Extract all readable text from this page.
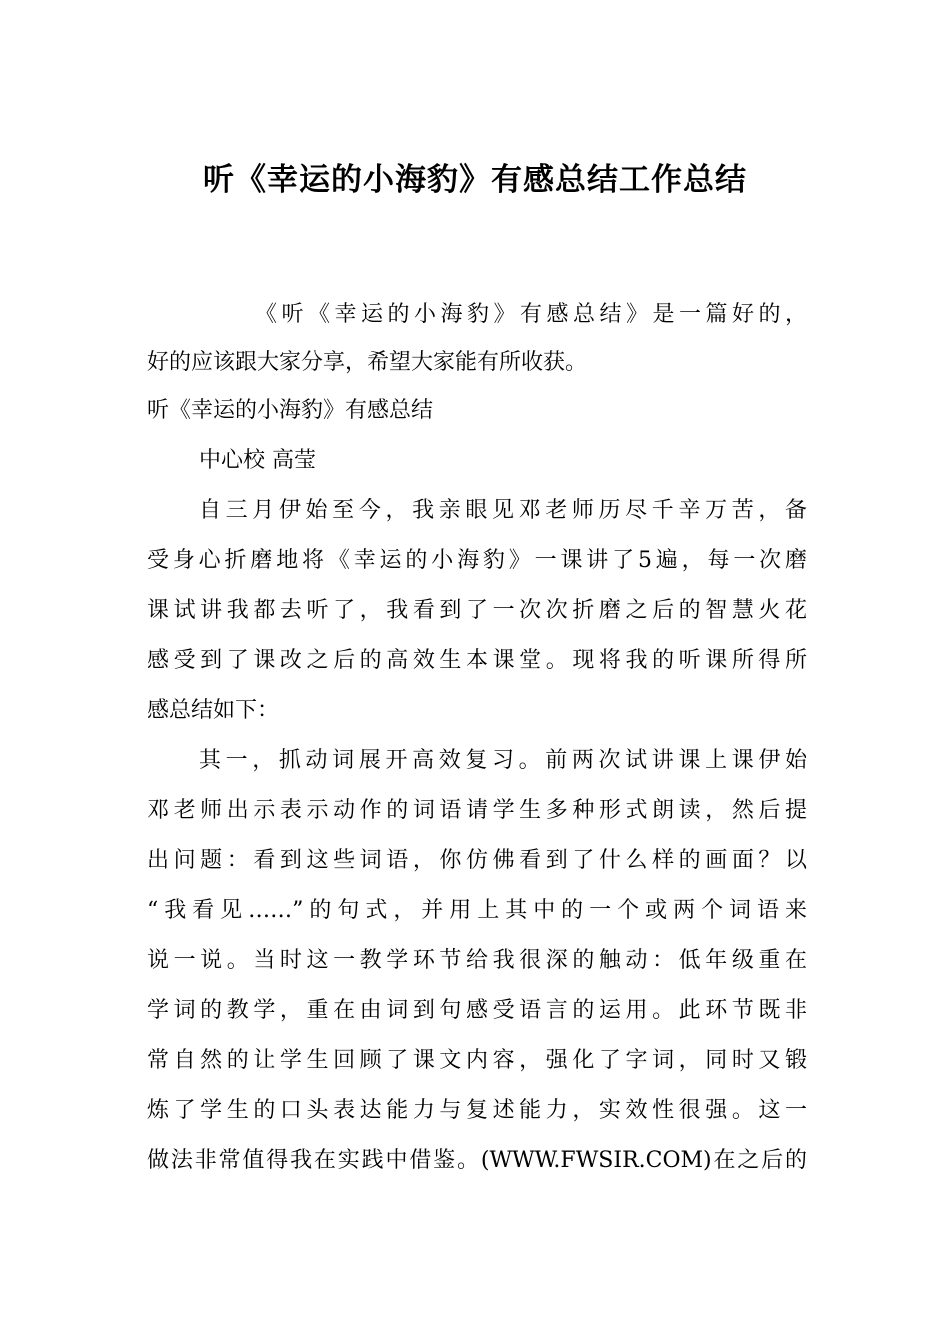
听《幸运的小海豹》有感总结工作总结
《听《幸运的小海豹》有感总结》是一篇好的，
好的应该跟大家分享，希望大家能有所收获。
听《幸运的小海豹》有感总结
中心校 高莹
自三月伊始至今，我亲眼见邓老师历尽千辛万苦，备
受身心折磨地将《幸运的小海豹》一课讲了5遍，每一次磨
课试讲我都去听了，我看到了一次次折磨之后的智慧火花
感受到了课改之后的高效生本课堂。现将我的听课所得所
感总结如下：
其一，抓动词展开高效复习。前两次试讲课上课伊始
邓老师出示表示动作的词语请学生多种形式朗读，然后提
出问题：看到这些词语，你仿佛看到了什么样的画面？以
“我看见……”的句式，并用上其中的一个或两个词语来
说一说。当时这一教学环节给我很深的触动：低年级重在
学词的教学，重在由词到句感受语言的运用。此环节既非
常自然的让学生回顾了课文内容，强化了字词，同时又锻
炼了学生的口头表达能力与复述能力，实效性很强。这一
做法非常值得我在实践中借鉴。(WWW.FWSIR.COM)在之后的
